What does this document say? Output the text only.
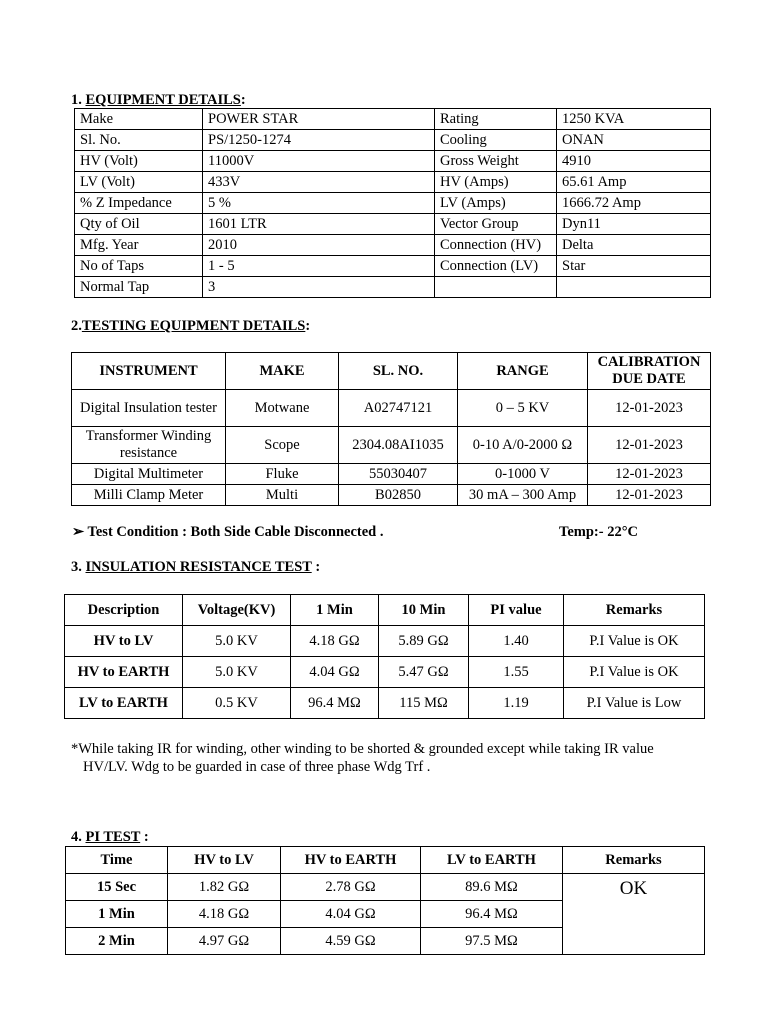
1. EQUIPMENT DETAILS:
Make	POWER STAR	Rating	1250 KVA
Sl. No.	PS/1250-1274	Cooling	ONAN
HV (Volt)	11000V	Gross Weight	4910
LV (Volt)	433V	HV (Amps)	65.61 Amp
% Z Impedance	5 %	LV (Amps)	1666.72 Amp
Qty of Oil	1601 LTR	Vector Group	Dyn11
Mfg. Year	2010	Connection (HV)	Delta
No of Taps	1 - 5	Connection (LV)	Star
Normal Tap	3		
2.TESTING EQUIPMENT DETAILS:
INSTRUMENT	MAKE	SL. NO.	RANGE	CALIBRATION DUE DATE
Digital Insulation tester	Motwane	A02747121	0 – 5 KV	12-01-2023
Transformer Winding resistance	Scope	2304.08AI1035	0-10 A/0-2000 Ω	12-01-2023
Digital Multimeter	Fluke	55030407	0-1000 V	12-01-2023
Milli Clamp Meter	Multi	B02850	30 mA – 300 Amp	12-01-2023
➢ Test Condition : Both Side Cable Disconnected .	Temp:- 22°C
3. INSULATION RESISTANCE TEST :
Description	Voltage(KV)	1 Min	10 Min	PI value	Remarks
HV to LV	5.0 KV	4.18 GΩ	5.89 GΩ	1.40	P.I Value is OK
HV to EARTH	5.0 KV	4.04 GΩ	5.47 GΩ	1.55	P.I Value is OK
LV to EARTH	0.5 KV	96.4 MΩ	115 MΩ	1.19	P.I Value is Low
*While taking IR for winding, other winding to be shorted & grounded except while taking IR value
HV/LV. Wdg to be guarded in case of three phase Wdg Trf .
4. PI TEST :
Time	HV to LV	HV to EARTH	LV to EARTH	Remarks
15 Sec	1.82 GΩ	2.78 GΩ	89.6 MΩ	OK
1 Min	4.18 GΩ	4.04 GΩ	96.4 MΩ	
2 Min	4.97 GΩ	4.59 GΩ	97.5 MΩ	
